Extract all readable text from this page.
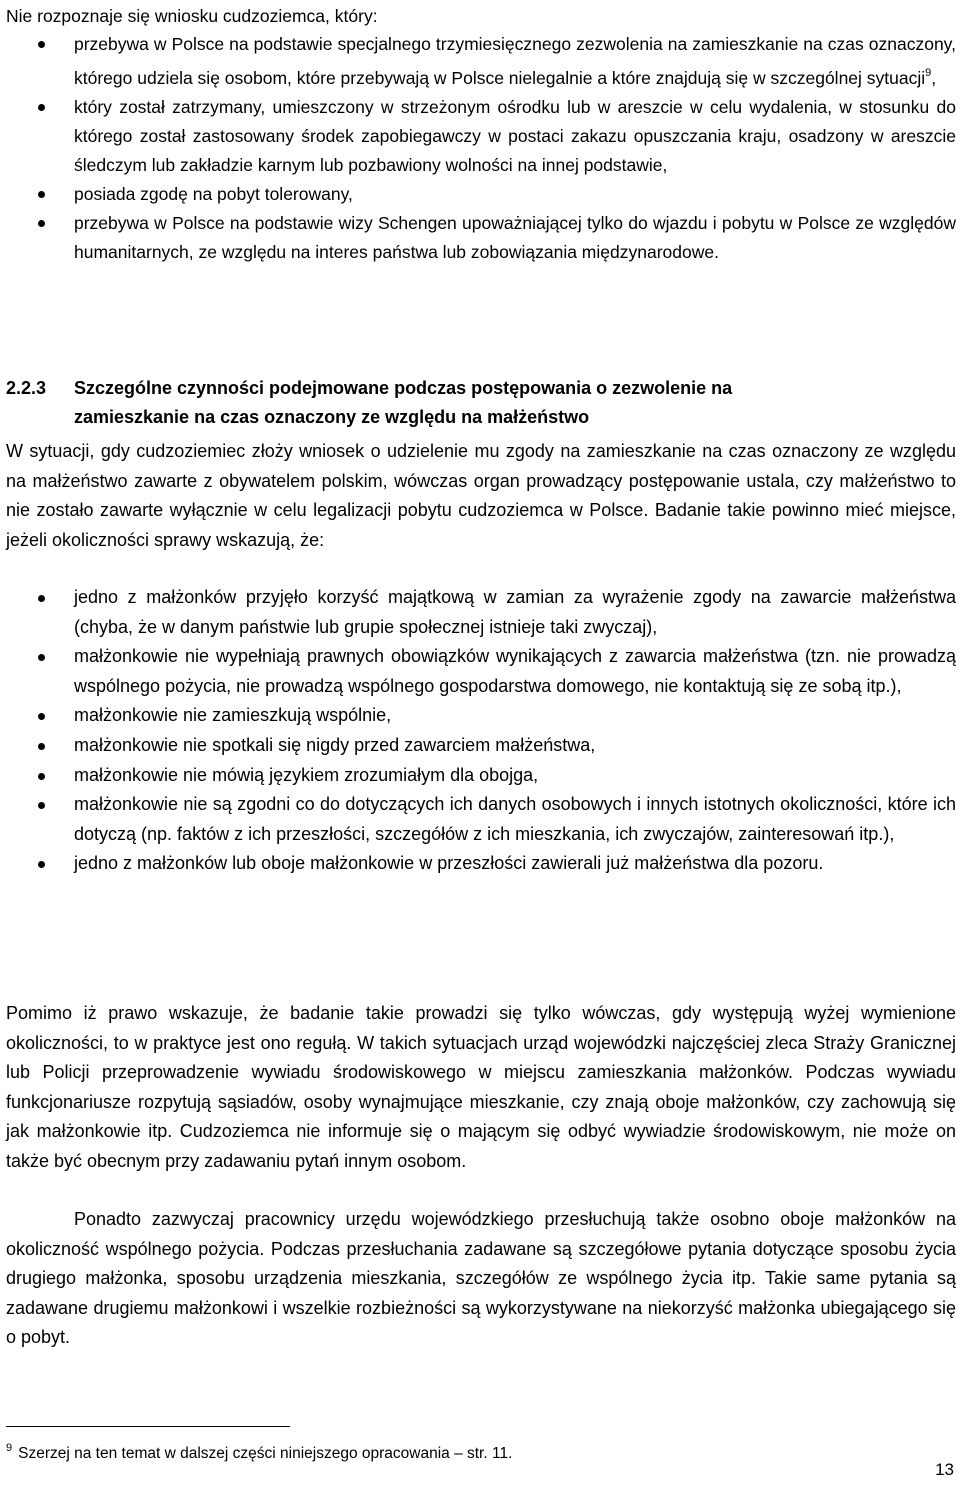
Nie rozpoznaje się wniosku cudzoziemca, który:

przebywa w Polsce na podstawie specjalnego trzymiesięcznego zezwolenia na zamieszkanie na czas oznaczony, którego udziela się osobom, które przebywają w Polsce nielegalnie a które znajdują się w szczególnej sytuacji$^9$,
który został zatrzymany, umieszczony w strzeżonym ośrodku lub w areszcie w celu wydalenia, w stosunku do którego został zastosowany środek zapobiegawczy w postaci zakazu opuszczania kraju, osadzony w areszcie śledczym lub zakładzie karnym lub pozbawiony wolności na innej podstawie,
posiada zgodę na pobyt tolerowany,
przebywa w Polsce na podstawie wizy Schengen upoważniającej tylko do wjazdu i pobytu w Polsce ze względów humanitarnych, ze względu na interes państwa lub zobowiązania międzynarodowe.
2.2.3 Szczególne czynności podejmowane podczas postępowania o zezwolenie na
zamieszkanie na czas oznaczony ze względu na małżeństwo

W sytuacji, gdy cudzoziemiec złoży wniosek o udzielenie mu zgody na zamieszkanie na czas oznaczony ze względu na małżeństwo zawarte z obywatelem polskim, wówczas organ prowadzący postępowanie ustala, czy małżeństwo to nie zostało zawarte wyłącznie w celu legalizacji pobytu cudzoziemca w Polsce. Badanie takie powinno mieć miejsce, jeżeli okoliczności sprawy wskazują, że:

jedno z małżonków przyjęło korzyść majątkową w zamian za wyrażenie zgody na zawarcie małżeństwa (chyba, że w danym państwie lub grupie społecznej istnieje taki zwyczaj),
małżonkowie nie wypełniają prawnych obowiązków wynikających z zawarcia małżeństwa (tzn. nie prowadzą wspólnego pożycia, nie prowadzą wspólnego gospodarstwa domowego, nie kontaktują się ze sobą itp.),
małżonkowie nie zamieszkują wspólnie,
małżonkowie nie spotkali się nigdy przed zawarciem małżeństwa,
małżonkowie nie mówią językiem zrozumiałym dla obojga,
małżonkowie nie są zgodni co do dotyczących ich danych osobowych i innych istotnych okoliczności, które ich dotyczą (np. faktów z ich przeszłości, szczegółów z ich mieszkania, ich zwyczajów, zainteresowań itp.),
jedno z małżonków lub oboje małżonkowie w przeszłości zawierali już małżeństwa dla pozoru.

Pomimo iż prawo wskazuje, że badanie takie prowadzi się tylko wówczas, gdy występują wyżej wymienione okoliczności, to w praktyce jest ono regułą. W takich sytuacjach urząd wojewódzki najczęściej zleca Straży Granicznej lub Policji przeprowadzenie wywiadu środowiskowego w miejscu zamieszkania małżonków. Podczas wywiadu funkcjonariusze rozpytują sąsiadów, osoby wynajmujące mieszkanie, czy znają oboje małżonków, czy zachowują się jak małżonkowie itp. Cudzoziemca nie informuje się o mającym się odbyć wywiadzie środowiskowym, nie może on także być obecnym przy zadawaniu pytań innym osobom.

Ponadto zazwyczaj pracownicy urzędu wojewódzkiego przesłuchują także osobno oboje małżonków na okoliczność wspólnego pożycia. Podczas przesłuchania zadawane są szczegółowe pytania dotyczące sposobu życia drugiego małżonka, sposobu urządzenia mieszkania, szczegółów ze wspólnego życia itp. Takie same pytania są zadawane drugiemu małżonkowi i wszelkie rozbieżności są wykorzystywane na niekorzyść małżonka ubiegającego się o pobyt.

$^9$ Szerzej na ten temat w dalszej części niniejszego opracowania – str. 11.
13
